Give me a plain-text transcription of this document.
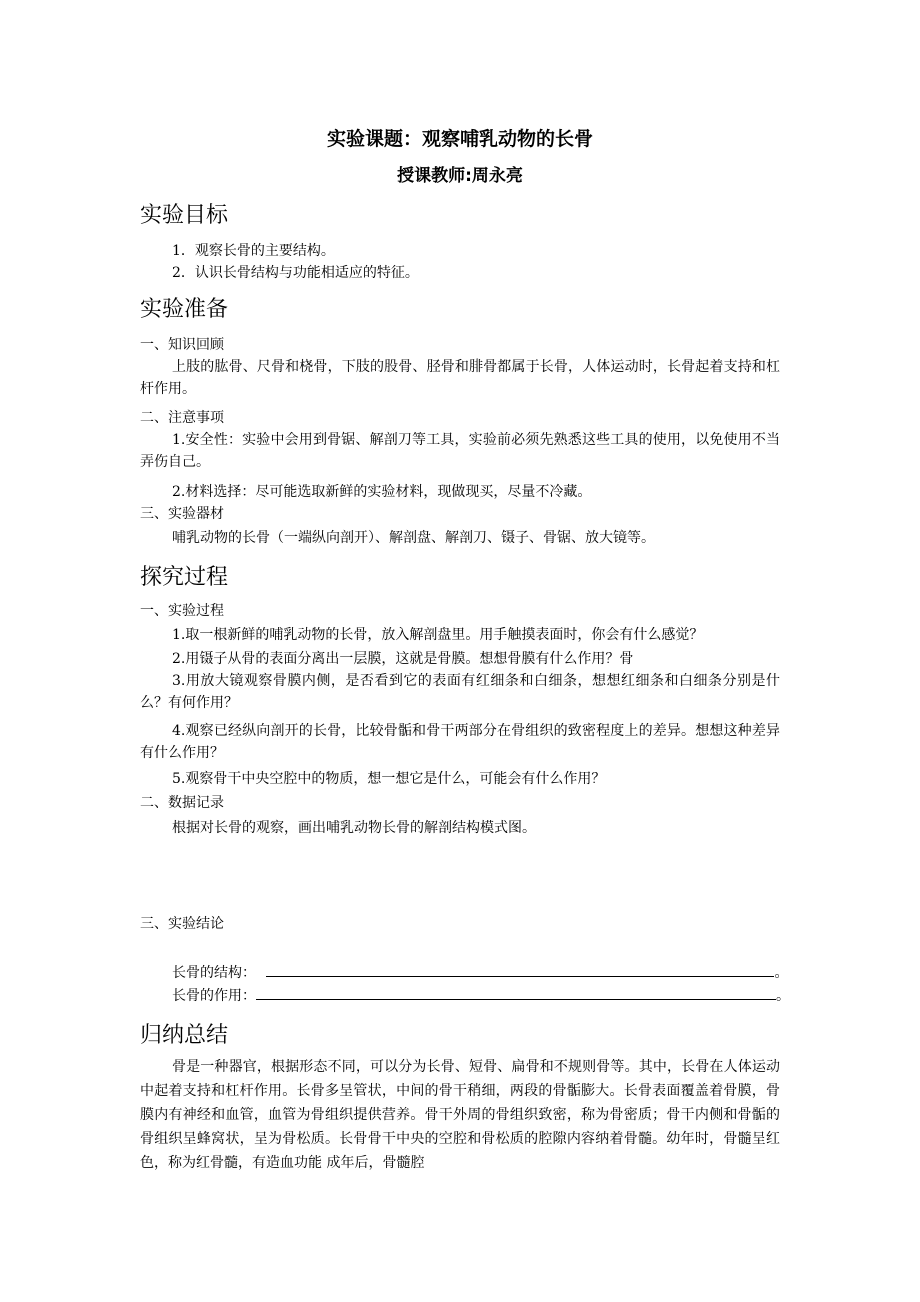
实验课题：观察哺乳动物的长骨
授课教师:周永亮
实验目标
1．观察长骨的主要结构。
2．认识长骨结构与功能相适应的特征。
实验准备
一、知识回顾
上肢的肱骨、尺骨和桡骨，下肢的股骨、胫骨和腓骨都属于长骨，人体运动时，长骨起着支持和杠杆作用。
二、注意事项
1.安全性：实验中会用到骨锯、解剖刀等工具，实验前必须先熟悉这些工具的使用，以免使用不当弄伤自己。
2.材料选择：尽可能选取新鲜的实验材料，现做现买，尽量不冷藏。
三、实验器材
哺乳动物的长骨（一端纵向剖开）、解剖盘、解剖刀、镊子、骨锯、放大镜等。
探究过程
一、实验过程
1.取一根新鲜的哺乳动物的长骨，放入解剖盘里。用手触摸表面时，你会有什么感觉？
2.用镊子从骨的表面分离出一层膜，这就是骨膜。想想骨膜有什么作用？骨
3.用放大镜观察骨膜内侧，是否看到它的表面有红细条和白细条，想想红细条和白细条分别是什么？有何作用？
4.观察已经纵向剖开的长骨，比较骨骺和骨干两部分在骨组织的致密程度上的差异。想想这种差异有什么作用？
5.观察骨干中央空腔中的物质，想一想它是什么，可能会有什么作用？
二、数据记录
根据对长骨的观察，画出哺乳动物长骨的解剖结构模式图。
三、实验结论
长骨的结构：	。
长骨的作用：	。
归纳总结
骨是一种器官，根据形态不同，可以分为长骨、短骨、扁骨和不规则骨等。其中，长骨在人体运动中起着支持和杠杆作用。长骨多呈管状，中间的骨干稍细，两段的骨骺膨大。长骨表面覆盖着骨膜，骨膜内有神经和血管，血管为骨组织提供营养。骨干外周的骨组织致密，称为骨密质；骨干内侧和骨骺的骨组织呈蜂窝状，呈为骨松质。长骨骨干中央的空腔和骨松质的腔隙内容纳着骨髓。幼年时，骨髓呈红色，称为红骨髓，有造血功能 成年后，骨髓腔
